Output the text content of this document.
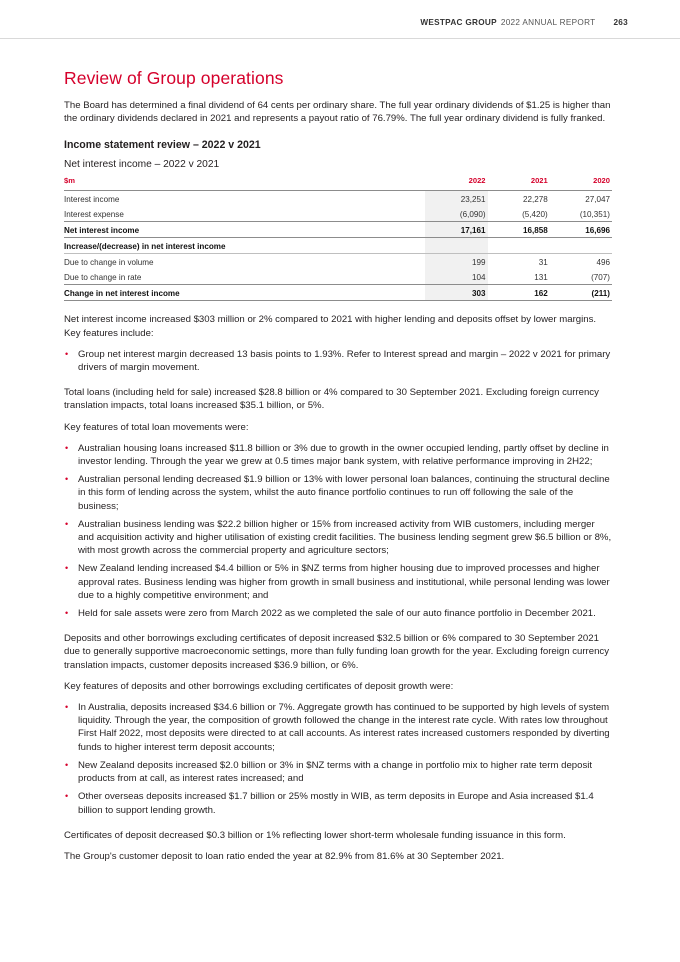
WESTPAC GROUP 2022 ANNUAL REPORT 263
Review of Group operations

The Board has determined a final dividend of 64 cents per ordinary share. The full year ordinary dividends of $1.25 is higher than the ordinary dividends declared in 2021 and represents a payout ratio of 76.79%. The full year ordinary dividend is fully franked.

Income statement review – 2022 v 2021
Net interest income – 2022 v 2021
$m	2022	2021	2020
Interest income	23,251	22,278	27,047
Interest expense	(6,090)	(5,420)	(10,351)
Net interest income	17,161	16,858	16,696
Increase/(decrease) in net interest income			
Due to change in volume	199	31	496
Due to change in rate	104	131	(707)
Change in net interest income	303	162	(211)

Net interest income increased $303 million or 2% compared to 2021 with higher lending and deposits offset by lower margins. Key features include:

• Group net interest margin decreased 13 basis points to 1.93%. Refer to Interest spread and margin – 2022 v 2021 for primary drivers of margin movement.

Total loans (including held for sale) increased $28.8 billion or 4% compared to 30 September 2021. Excluding foreign currency translation impacts, total loans increased $35.1 billion, or 5%.

Key features of total loan movements were:

• Australian housing loans increased $11.8 billion or 3% due to growth in the owner occupied lending, partly offset by decline in investor lending. Through the year we grew at 0.5 times major bank system, with relative performance improving in 2H22;
• Australian personal lending decreased $1.9 billion or 13% with lower personal loan balances, continuing the structural decline in this form of lending across the system, whilst the auto finance portfolio continues to run off following the sale of the business;
• Australian business lending was $22.2 billion higher or 15% from increased activity from WIB customers, including merger and acquisition activity and higher utilisation of existing credit facilities. The business lending segment grew $6.5 billion or 8%, with most growth across the commercial property and agriculture sectors;
• New Zealand lending increased $4.4 billion or 5% in $NZ terms from higher housing due to improved processes and higher approval rates. Business lending was higher from growth in small business and institutional, while personal lending was lower due to a highly competitive environment; and
• Held for sale assets were zero from March 2022 as we completed the sale of our auto finance portfolio in December 2021.

Deposits and other borrowings excluding certificates of deposit increased $32.5 billion or 6% compared to 30 September 2021 due to generally supportive macroeconomic settings, more than fully funding loan growth for the year. Excluding foreign currency translation impacts, customer deposits increased $36.9 billion, or 6%.

Key features of deposits and other borrowings excluding certificates of deposit growth were:

• In Australia, deposits increased $34.6 billion or 7%. Aggregate growth has continued to be supported by high levels of system liquidity. Through the year, the composition of growth followed the change in the interest rate cycle. With rates low throughout First Half 2022, most deposits were directed to at call accounts. As interest rates increased customers responded by diverting funds to higher interest term deposit accounts;
• New Zealand deposits increased $2.0 billion or 3% in $NZ terms with a change in portfolio mix to higher rate term deposit products from at call, as interest rates increased; and
• Other overseas deposits increased $1.7 billion or 25% mostly in WIB, as term deposits in Europe and Asia increased $1.4 billion to support lending growth.

Certificates of deposit decreased $0.3 billion or 1% reflecting lower short-term wholesale funding issuance in this form.

The Group's customer deposit to loan ratio ended the year at 82.9% from 81.6% at 30 September 2021.
